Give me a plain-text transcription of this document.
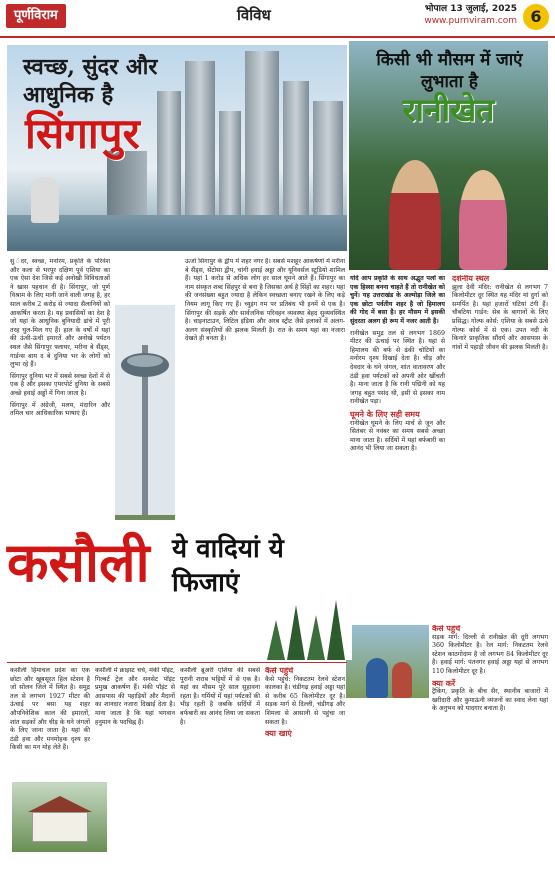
पूर्णविराम	विविध	भोपाल 13 जुलाई, 2025
www.purnviram.com 6
स्वच्छ, सुंदर और आधुनिक है
सिंगापुर

सु ंदर, स्वच्छ, मनोरम, प्रकृति के परिवेश और कला से भरपूर दक्षिण पूर्व एशिया का एक ऐसा देश जिसे कई अनोखी विविधताओं ने खास पहचान दी है। सिंगापुर, जो पूर्ण विश्राम के लिए मानी जाने वाली जगह है, हर साल करीब 2 करोड़ से ज्यादा सैलानियों को आकर्षित करता है। यह प्रवासियों का देश है जो यहां के आधुनिक बुनियादी ढांचे में पूरी तरह घुल-मिल गए हैं। हाल के वर्षों में यहां की ऊंची-ऊंची इमारतें और अनोखे पर्यटन स्थल जैसे सिंगापुर फ्लायर, मरीना बे सैंड्स, गार्डन्स बाय द बे दुनिया भर के लोगों को लुभा रहे हैं।

सिंगापुर दुनिया भर में सबसे स्वच्छ देशों में से एक है और इसका एयरपोर्ट दुनिया के सबसे अच्छे हवाई अड्डों में गिना जाता है।

सिंगापुर में अंग्रेजी, मलय, मंदारिन और तमिल चार आधिकारिक भाषाएं हैं।

ऊर्जा सिंगापुर के द्वीप में शहर नगर है। सबसे मशहूर आकर्षणों में मरीना बे सैंड्स, सेंटोसा द्वीप, चांगी हवाई अड्डा और यूनिवर्सल स्टूडियो शामिल हैं। यहां 1 करोड़ से अधिक लोग हर साल घूमने आते हैं। सिंगापुर का नाम संस्कृत शब्द सिंहपुर से बना है जिसका अर्थ है सिंहों का शहर। यहां की जनसंख्या बहुत ज्यादा है लेकिन स्वच्छता बनाए रखने के लिए कड़े नियम लागू किए गए हैं। च्युइंग गम पर प्रतिबंध भी इनमें से एक है। सिंगापुर की सड़कें और सार्वजनिक परिवहन व्यवस्था बेहद सुव्यवस्थित है। चाइनाटाउन, लिटिल इंडिया और अरब स्ट्रीट जैसे इलाकों में अलग-अलग संस्कृतियों की झलक मिलती है। रात के समय यहां का नजारा देखते ही बनता है।

किसी भी मौसम में जाएं लुभाता है
रानीखेत

यदि आप प्रकृति के साथ अद्भुत पलों का एक हिस्सा बनना चाहते हैं तो रानीखेत को चुनें। यह उत्तराखंड के अल्मोड़ा जिले का एक छोटा पर्वतीय शहर है जो हिमालय की गोद में बसा है। हर मौसम में इसकी सुंदरता अलग ही रूप में नजर आती है।

रानीखेत समुद्र तल से लगभग 1869 मीटर की ऊंचाई पर स्थित है। यहां से हिमालय की बर्फ से ढंकी चोटियों का मनोरम दृश्य दिखाई देता है। चीड़ और देवदार के घने जंगल, शांत वातावरण और ठंडी हवा पर्यटकों को अपनी ओर खींचती है। माना जाता है कि रानी पद्मिनी को यह जगह बहुत पसंद थी, इसी से इसका नाम रानीखेत पड़ा।

घूमने के लिए सही समय

रानीखेत घूमने के लिए मार्च से जून और सितंबर से नवंबर का समय सबसे अच्छा माना जाता है। सर्दियों में यहां बर्फबारी का आनंद भी लिया जा सकता है।

दर्शनीय स्थल

झूला देवी मंदिर: रानीखेत से लगभग 7 किलोमीटर दूर स्थित यह मंदिर मां दुर्गा को समर्पित है। यहां हजारों घंटियां टंगी हैं। चौबटिया गार्डन: सेब के बागानों के लिए प्रसिद्ध। गोल्फ कोर्स: एशिया के सबसे ऊंचे गोल्फ कोर्स में से एक। उपत नदी के किनारे प्राकृतिक सौंदर्य और आसपास के गांवों में पहाड़ी जीवन की झलक मिलती है।

कैसे पहुंचें

सड़क मार्ग: दिल्ली से रानीखेत की दूरी लगभग 360 किलोमीटर है। रेल मार्ग: निकटतम रेलवे स्टेशन काठगोदाम है जो लगभग 84 किलोमीटर दूर है। हवाई मार्ग: पंतनगर हवाई अड्डा यहां से लगभग 110 किलोमीटर दूर है।

क्या करें

ट्रैकिंग, प्रकृति के बीच सैर, स्थानीय बाजारों में खरीदारी और कुमाऊंनी व्यंजनों का स्वाद लेना यहां के अनुभव को यादगार बनाता है।

कसौली ये वादियां ये फिजाएं

कसौली हिमाचल प्रदेश का एक छोटा और खूबसूरत हिल स्टेशन है जो सोलन जिले में स्थित है। समुद्र तल से लगभग 1927 मीटर की ऊंचाई पर बसा यह शहर औपनिवेशिक काल की इमारतों, शांत सड़कों और चीड़ के घने जंगलों के लिए जाना जाता है। यहां की ठंडी हवा और मनमोहक दृश्य हर किसी का मन मोह लेते हैं।

कसौली में क्राइस्ट चर्च, मंकी पॉइंट, गिल्बर्ट ट्रेल और सनसेट पॉइंट प्रमुख आकर्षण हैं। मंकी पॉइंट से आसपास की पहाड़ियों और मैदानों का शानदार नजारा दिखाई देता है। माना जाता है कि यहां भगवान हनुमान के पदचिह्न हैं।

कसौली ब्रूअरी एशिया की सबसे पुरानी शराब भट्टियों में से एक है। यहां का मौसम पूरे साल सुहावना रहता है। गर्मियों में यहां पर्यटकों की भीड़ रहती है जबकि सर्दियों में बर्फबारी का आनंद लिया जा सकता है।

कैसे पहुंचे

कैसे पहुंचे: निकटतम रेलवे स्टेशन कालका है। चंडीगढ़ हवाई अड्डा यहां से करीब 65 किलोमीटर दूर है। सड़क मार्ग से दिल्ली, चंडीगढ़ और शिमला से आसानी से पहुंचा जा सकता है।

क्या खाएं
